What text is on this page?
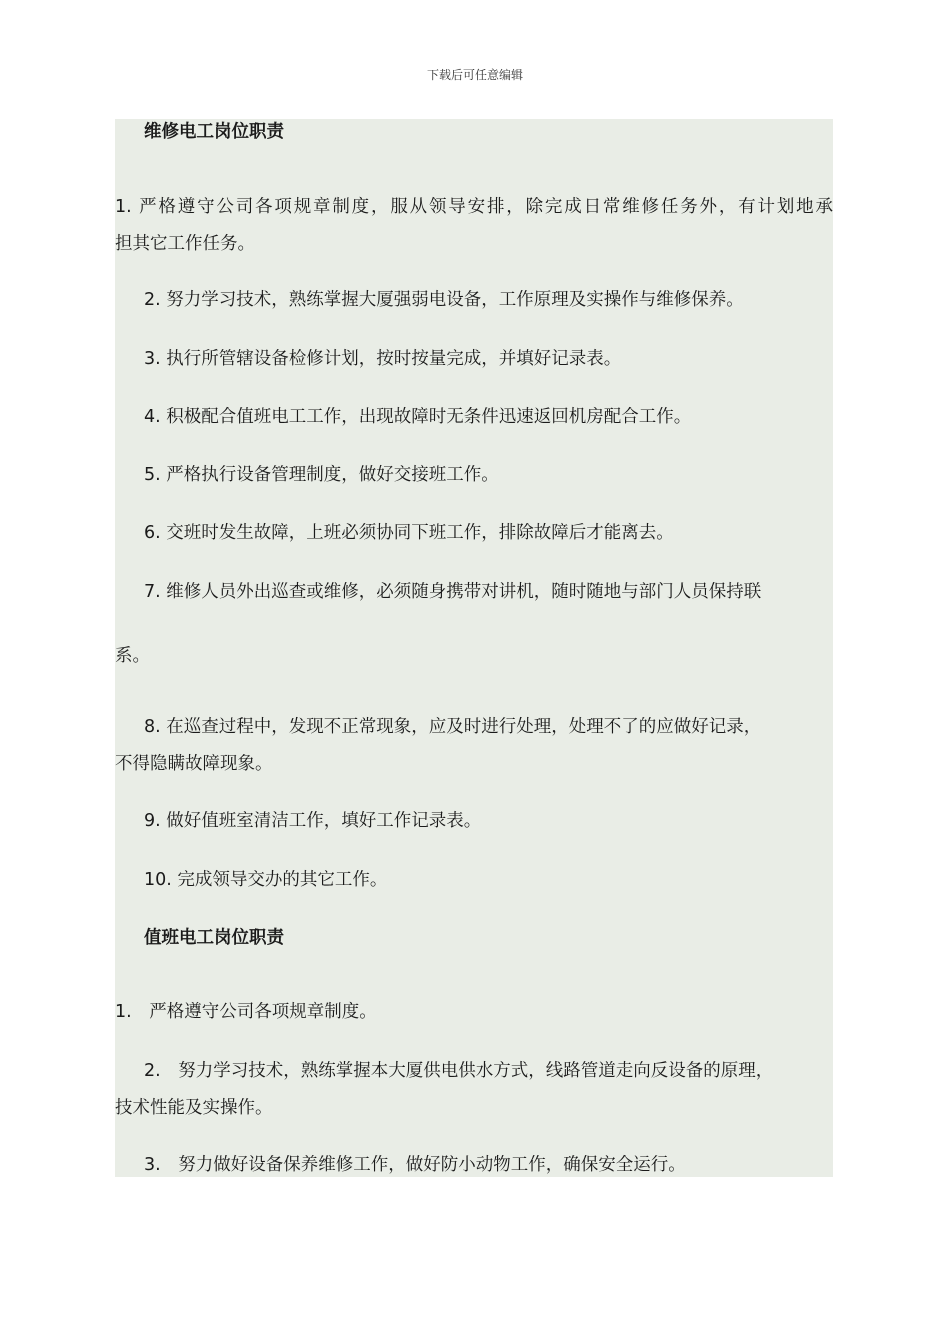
下载后可任意编辑
维修电工岗位职责
1. 严格遵守公司各项规章制度，服从领导安排，除完成日常维修任务外，有计划地承
担其它工作任务。
2. 努力学习技术，熟练掌握大厦强弱电设备，工作原理及实操作与维修保养。
3. 执行所管辖设备检修计划，按时按量完成，并填好记录表。
4. 积极配合值班电工工作，出现故障时无条件迅速返回机房配合工作。
5. 严格执行设备管理制度，做好交接班工作。
6. 交班时发生故障，上班必须协同下班工作，排除故障后才能离去。
7. 维修人员外出巡查或维修，必须随身携带对讲机，随时随地与部门人员保持联
系。
8. 在巡查过程中，发现不正常现象，应及时进行处理，处理不了的应做好记录，
不得隐瞒故障现象。
9. 做好值班室清洁工作，填好工作记录表。
10. 完成领导交办的其它工作。
值班电工岗位职责
1.　严格遵守公司各项规章制度。
2.　努力学习技术，熟练掌握本大厦供电供水方式，线路管道走向反设备的原理，
技术性能及实操作。
3.　努力做好设备保养维修工作，做好防小动物工作，确保安全运行。
